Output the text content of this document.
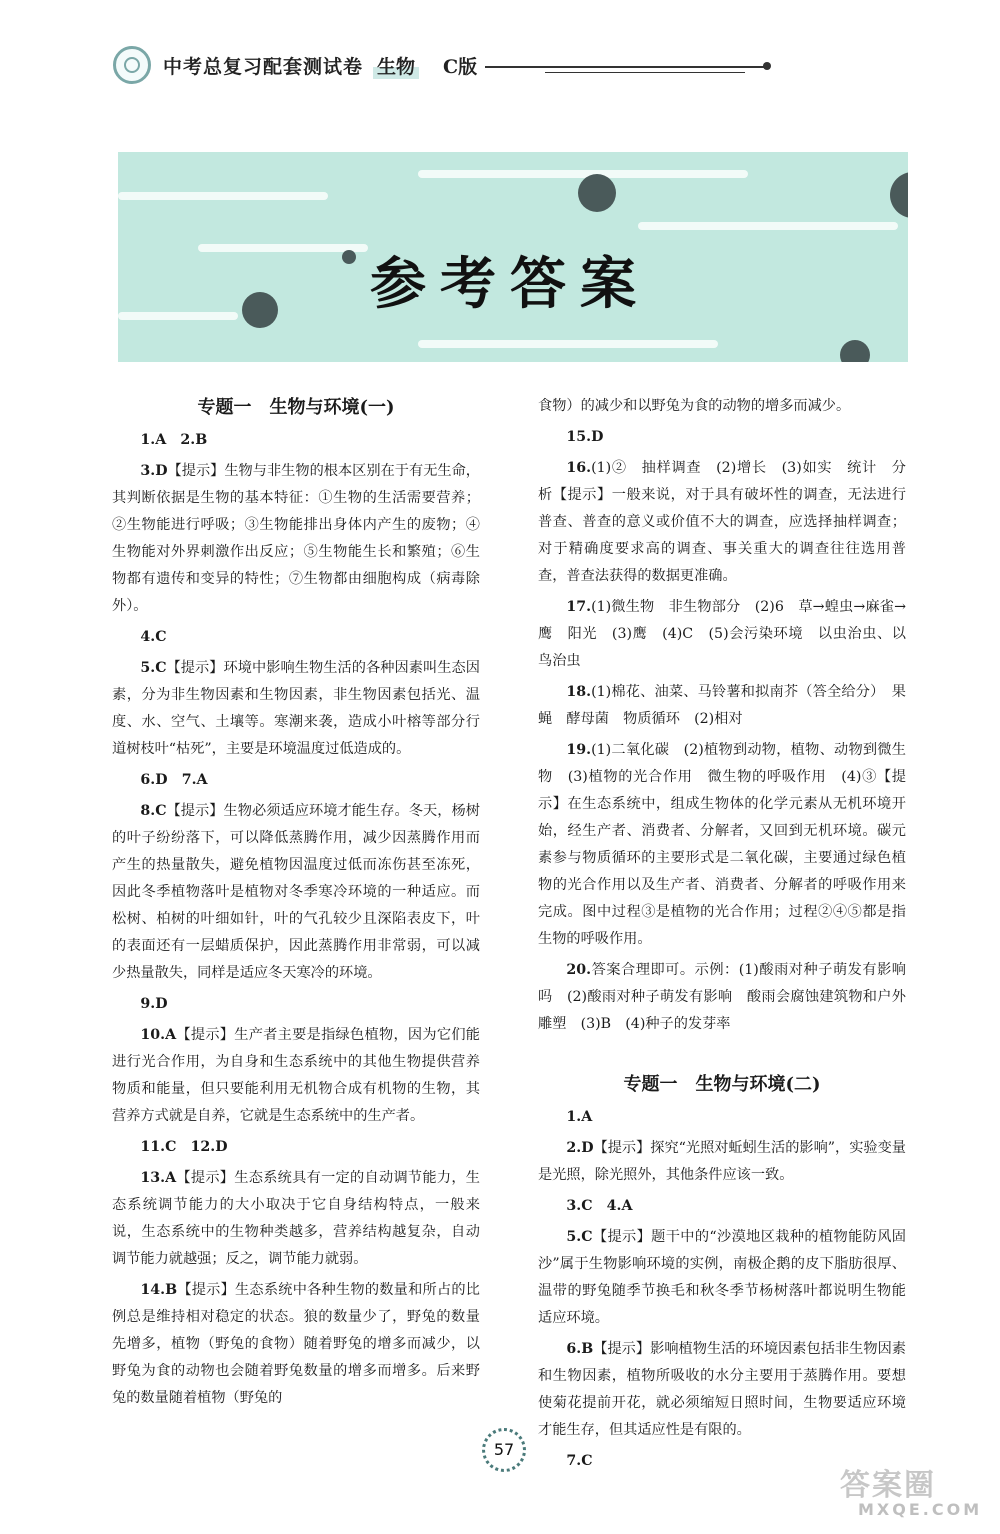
中考总复习配套测试卷 生物 C版
参考答案
专题一　生物与环境(一)

1.A　2.B

3.D【提示】生物与非生物的根本区别在于有无生命，其判断依据是生物的基本特征：①生物的生活需要营养；②生物能进行呼吸；③生物能排出身体内产生的废物；④生物能对外界刺激作出反应；⑤生物能生长和繁殖；⑥生物都有遗传和变异的特性；⑦生物都由细胞构成（病毒除外）。

4.C

5.C【提示】环境中影响生物生活的各种因素叫生态因素，分为非生物因素和生物因素，非生物因素包括光、温度、水、空气、土壤等。寒潮来袭，造成小叶榕等部分行道树枝叶“枯死”，主要是环境温度过低造成的。

6.D　7.A

8.C【提示】生物必须适应环境才能生存。冬天，杨树的叶子纷纷落下，可以降低蒸腾作用，减少因蒸腾作用而产生的热量散失，避免植物因温度过低而冻伤甚至冻死，因此冬季植物落叶是植物对冬季寒冷环境的一种适应。而松树、柏树的叶细如针，叶的气孔较少且深陷表皮下，叶的表面还有一层蜡质保护，因此蒸腾作用非常弱，可以减少热量散失，同样是适应冬天寒冷的环境。

9.D

10.A【提示】生产者主要是指绿色植物，因为它们能进行光合作用，为自身和生态系统中的其他生物提供营养物质和能量，但只要能利用无机物合成有机物的生物，其营养方式就是自养，它就是生态系统中的生产者。

11.C　12.D

13.A【提示】生态系统具有一定的自动调节能力，生态系统调节能力的大小取决于它自身结构特点，一般来说，生态系统中的生物种类越多，营养结构越复杂，自动调节能力就越强；反之，调节能力就弱。

14.B【提示】生态系统中各种生物的数量和所占的比例总是维持相对稳定的状态。狼的数量少了，野兔的数量先增多，植物（野兔的食物）随着野兔的增多而减少，以野兔为食的动物也会随着野兔数量的增多而增多。后来野兔的数量随着植物（野兔的

食物）的减少和以野兔为食的动物的增多而减少。

15.D

16.(1)②　抽样调查　(2)增长　(3)如实　统计　分析【提示】一般来说，对于具有破坏性的调查，无法进行普查、普查的意义或价值不大的调查，应选择抽样调查；对于精确度要求高的调查、事关重大的调查往往选用普查，普查法获得的数据更准确。

17.(1)微生物　非生物部分　(2)6　草→蝗虫→麻雀→鹰　阳光　(3)鹰　(4)C　(5)会污染环境　以虫治虫、以鸟治虫

18.(1)棉花、油菜、马铃薯和拟南芥（答全给分）　果蝇　酵母菌　物质循环　(2)相对

19.(1)二氧化碳　(2)植物到动物，植物、动物到微生物　(3)植物的光合作用　微生物的呼吸作用　(4)③【提示】在生态系统中，组成生物体的化学元素从无机环境开始，经生产者、消费者、分解者，又回到无机环境。碳元素参与物质循环的主要形式是二氧化碳，主要通过绿色植物的光合作用以及生产者、消费者、分解者的呼吸作用来完成。图中过程③是植物的光合作用；过程②④⑤都是指生物的呼吸作用。

20.答案合理即可。示例：(1)酸雨对种子萌发有影响吗　(2)酸雨对种子萌发有影响　酸雨会腐蚀建筑物和户外雕塑　(3)B　(4)种子的发芽率

专题一　生物与环境(二)

1.A

2.D【提示】探究“光照对蚯蚓生活的影响”，实验变量是光照，除光照外，其他条件应该一致。

3.C　4.A

5.C【提示】题干中的“沙漠地区栽种的植物能防风固沙”属于生物影响环境的实例，南极企鹅的皮下脂肪很厚、温带的野兔随季节换毛和秋冬季节杨树落叶都说明生物能适应环境。

6.B【提示】影响植物生活的环境因素包括非生物因素和生物因素，植物所吸收的水分主要用于蒸腾作用。要想使菊花提前开花，就必须缩短日照时间，生物要适应环境才能生存，但其适应性是有限的。

7.C

57
答案圈
MXQE.COM
